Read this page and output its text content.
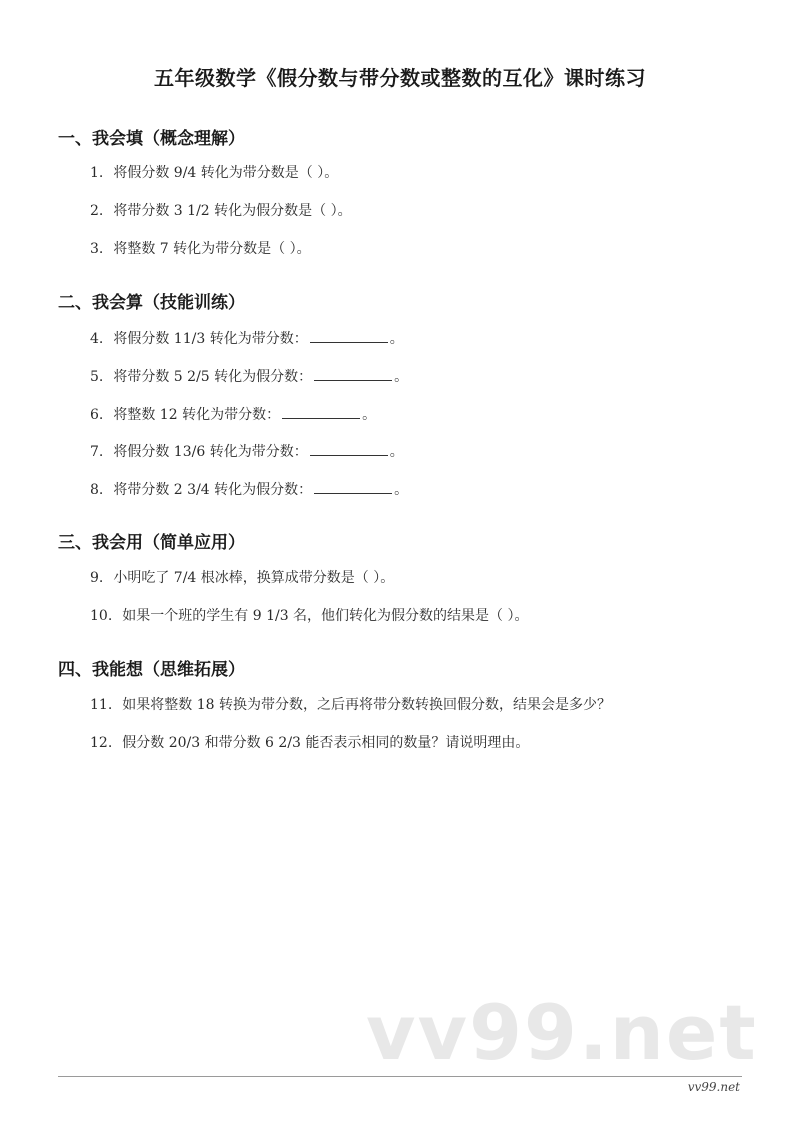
五年级数学《假分数与带分数或整数的互化》课时练习
一、我会填（概念理解）
1. 将假分数 9/4 转化为带分数是（ ）。
2. 将带分数 3 1/2 转化为假分数是（ ）。
3. 将整数 7 转化为带分数是（ ）。
二、我会算（技能训练）
4. 将假分数 11/3 转化为带分数：	。
5. 将带分数 5 2/5 转化为假分数：	。
6. 将整数 12 转化为带分数：	。
7. 将假分数 13/6 转化为带分数：	。
8. 将带分数 2 3/4 转化为假分数：	。
三、我会用（简单应用）
9. 小明吃了 7/4 根冰棒，换算成带分数是（ ）。
10. 如果一个班的学生有 9 1/3 名，他们转化为假分数的结果是（ ）。
四、我能想（思维拓展）
11. 如果将整数 18 转换为带分数，之后再将带分数转换回假分数，结果会是多少？
12. 假分数 20/3 和带分数 6 2/3 能否表示相同的数量？请说明理由。
vv99.net
vv99.net
